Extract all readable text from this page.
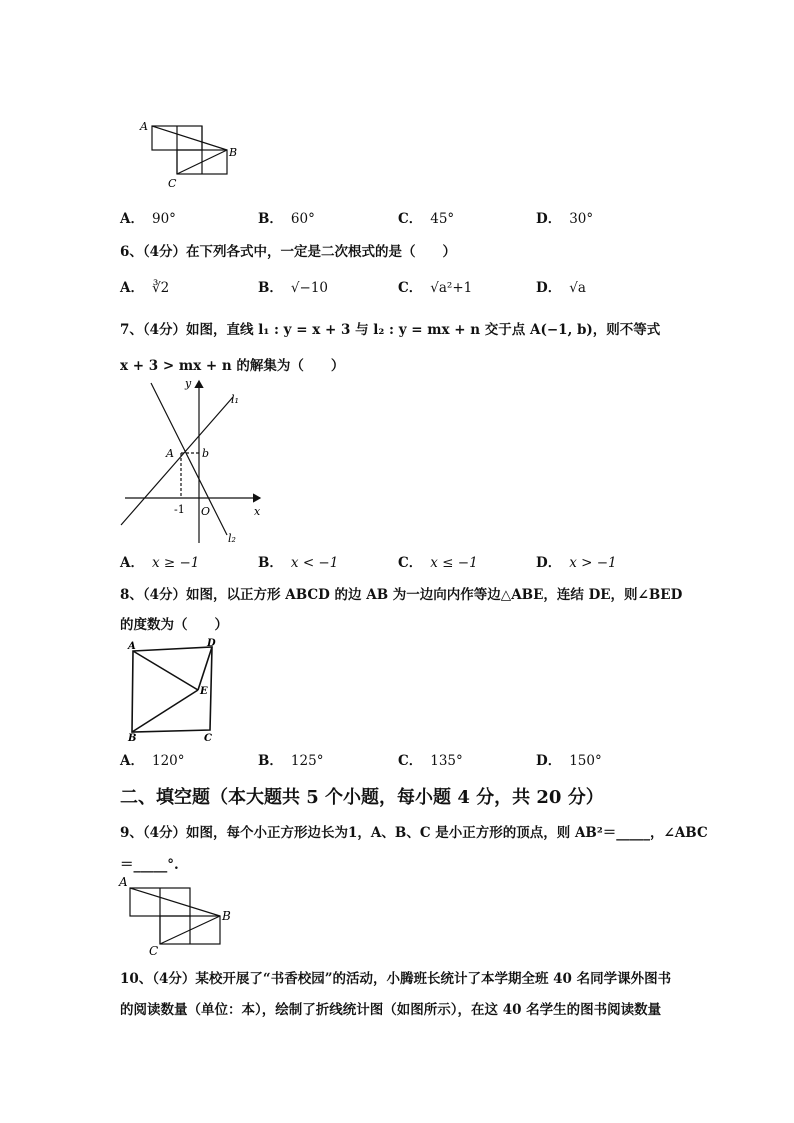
A
B
C
A． 90°	B． 60°	C． 45°	D． 30°
6、（4分）在下列各式中，一定是二次根式的是（　　）
A． ∛2	B． √−10	C． √a²+1	D． √a
7、（4分）如图，直线 l₁ : y = x + 3 与 l₂ : y = mx + n 交于点 A(−1, b)，则不等式
x + 3 > mx + n 的解集为（　　）
y
l₁
A	b
-1 O	x
l₂
A． x ≥ −1	B． x < −1	C． x ≤ −1	D． x > −1
8、（4分）如图，以正方形 ABCD 的边 AB 为一边向内作等边△ABE，连结 DE，则∠BED
的度数为（　　）
A	D
E
B	C
A． 120°	B． 125°	C． 135°	D． 150°
二、填空题（本大题共 5 个小题，每小题 4 分，共 20 分）
9、（4分）如图，每个小正方形边长为1，A、B、C 是小正方形的顶点，则 AB²＝_____，∠ABC
＝_____°.
A
B
C
10、（4分）某校开展了“书香校园”的活动，小腾班长统计了本学期全班 40 名同学课外图书
的阅读数量（单位：本），绘制了折线统计图（如图所示），在这 40 名学生的图书阅读数量
